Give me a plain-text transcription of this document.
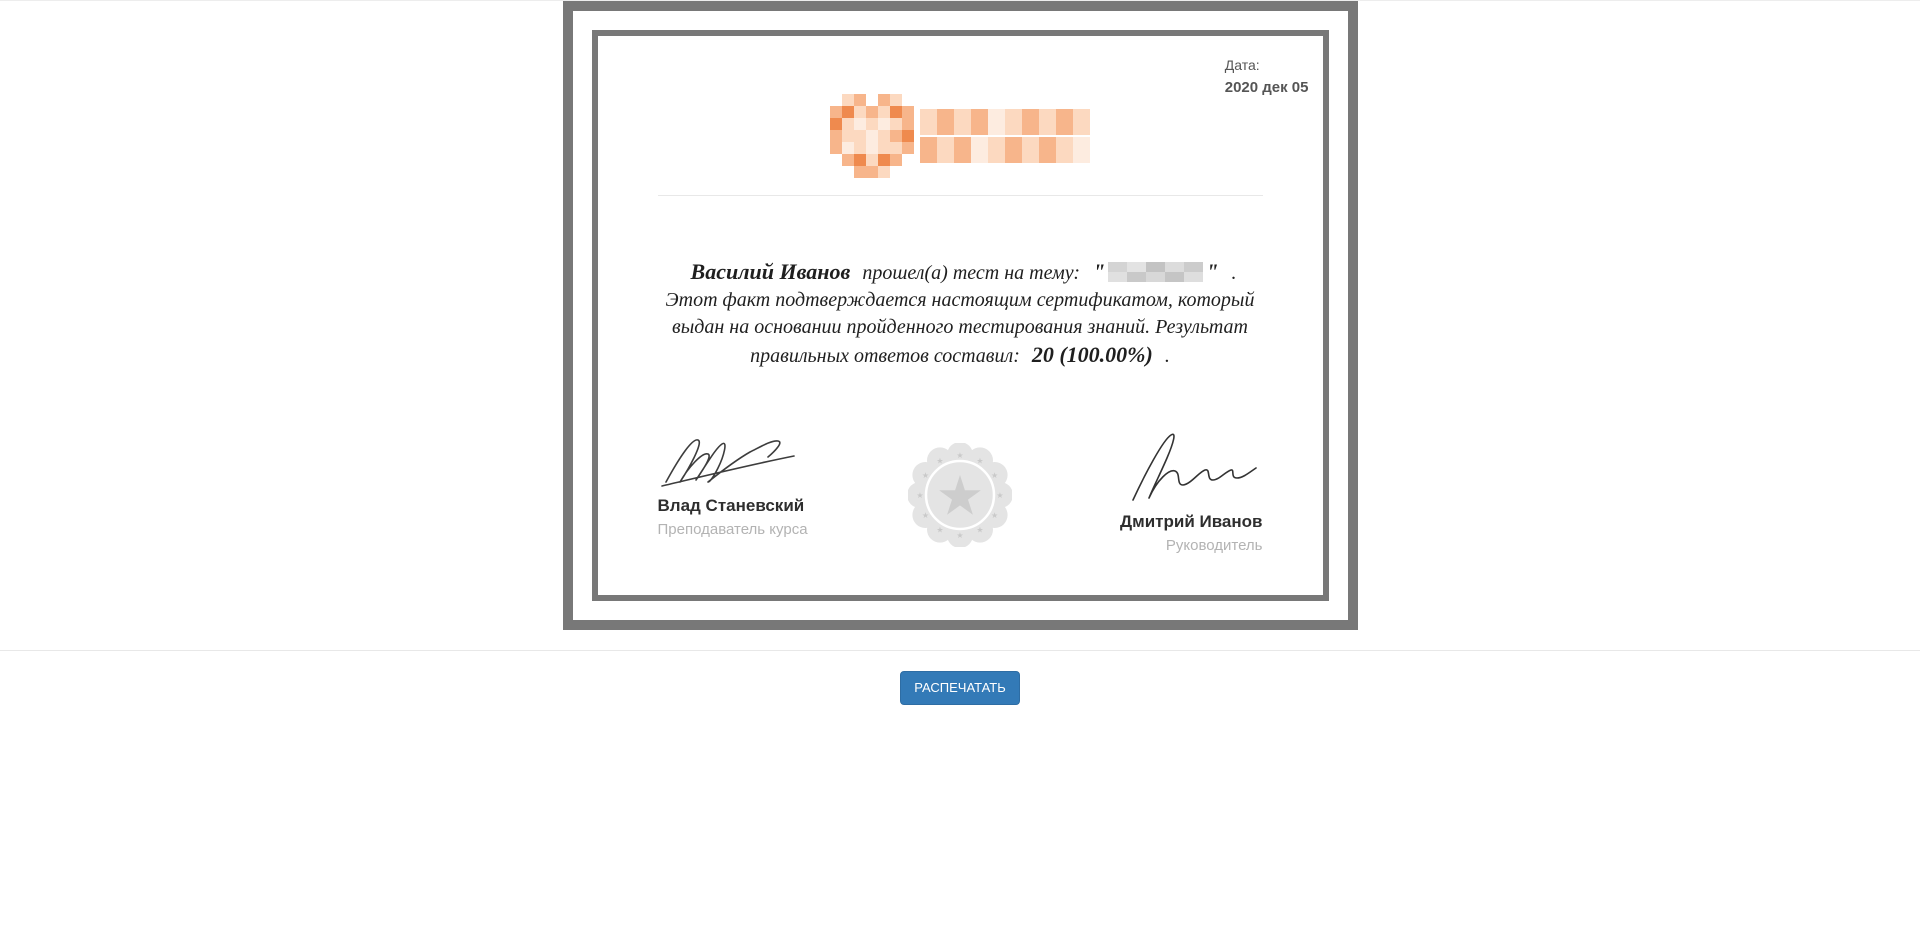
Дата:
2020 дек 05

Василий Иванов прошел(а) тест на тему: "	" . Этот факт подтверждается настоящим сертификатом, который выдан на основании пройденного тестирования знаний. Результат правильных ответов составил: 20 (100.00%) .

Влад Станевский
Преподаватель курса
★
★
★
★
★
★
★
★
★
★
★
★
Дмитрий Иванов
Руководитель
РАСПЕЧАТАТЬ
